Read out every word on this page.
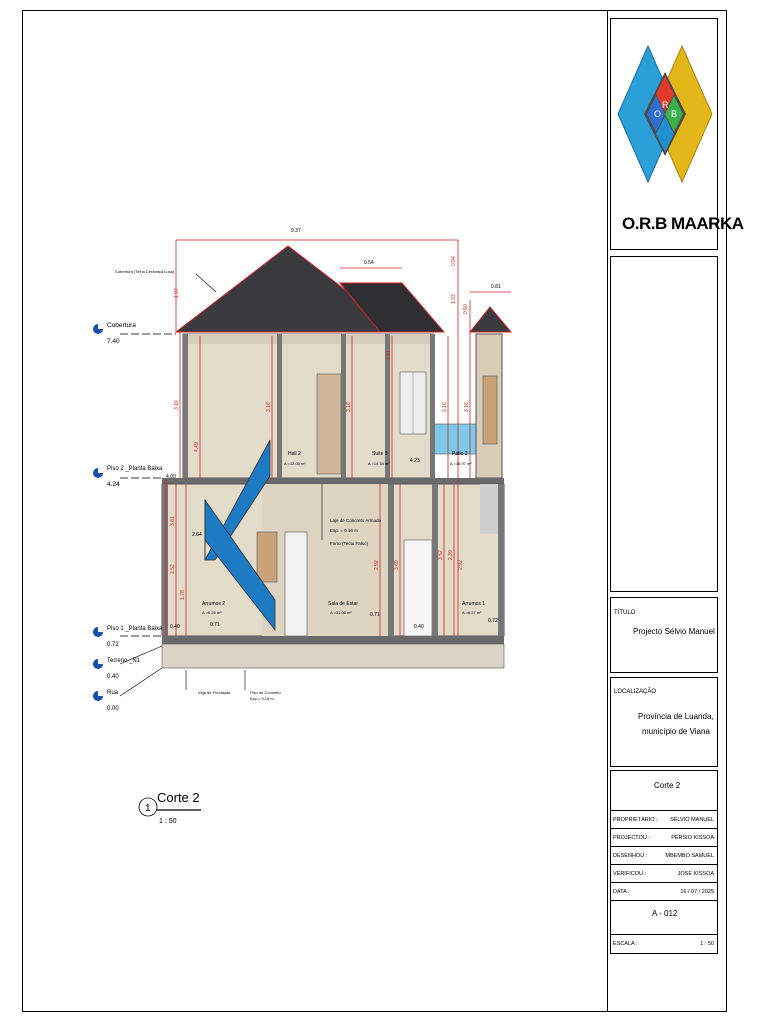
O
R
B
O.R.B MAARKA
TÍTULO
Projecto Sélvio Manuel
LOCALIZAÇÃO
Província de Luanda,
município de Viana
Corte 2
PROPRIETÁRIO : SÉLVIO MANUEL
PROJECTOU :	PÉRSIO KISSOA
DESENHOU :	MBEMBO SAMUEL
VERIFICOU :	JOSÉ KISSOA
DATA :	16 / 07 / 2025
A - 012
ESCALA :	1 : 50
Cobertura
7.40
Piso 2 _Planta Baixa
4.24
Piso 1 _Planta Baixa
0.72
Terreno _N1
0.40
Rua
0.00
Cobertura (Telha Cerâmica Lusa)
Laje de Concreto Armado
Esp. = 0.16 m
Forro (Tecto Falso)
Viga de Fundação	Piso de Concreto
Esp = 0.16 m
Hall 2
A =12.00 m²
Suite 3
A =14.54 m²
Patio 2
A =16.97 m²
Arrumos 2
A =5.26 m²
Sala de Estar
A =31.06 m²
Arrumos 1
A =6.27 m²
9.37
0.54
0.81
4.00
4.23
2.64
0.71
0.71
0.40	0.40
0.72
1.97
0.94
1.23
0.50
3.16	3.16	3.16	3.16	3.16
4.49
2.81
3.81
2.52
1.78
2.92	3.69
3.52 2.39
2.92
1
Corte 2
1 : 50
